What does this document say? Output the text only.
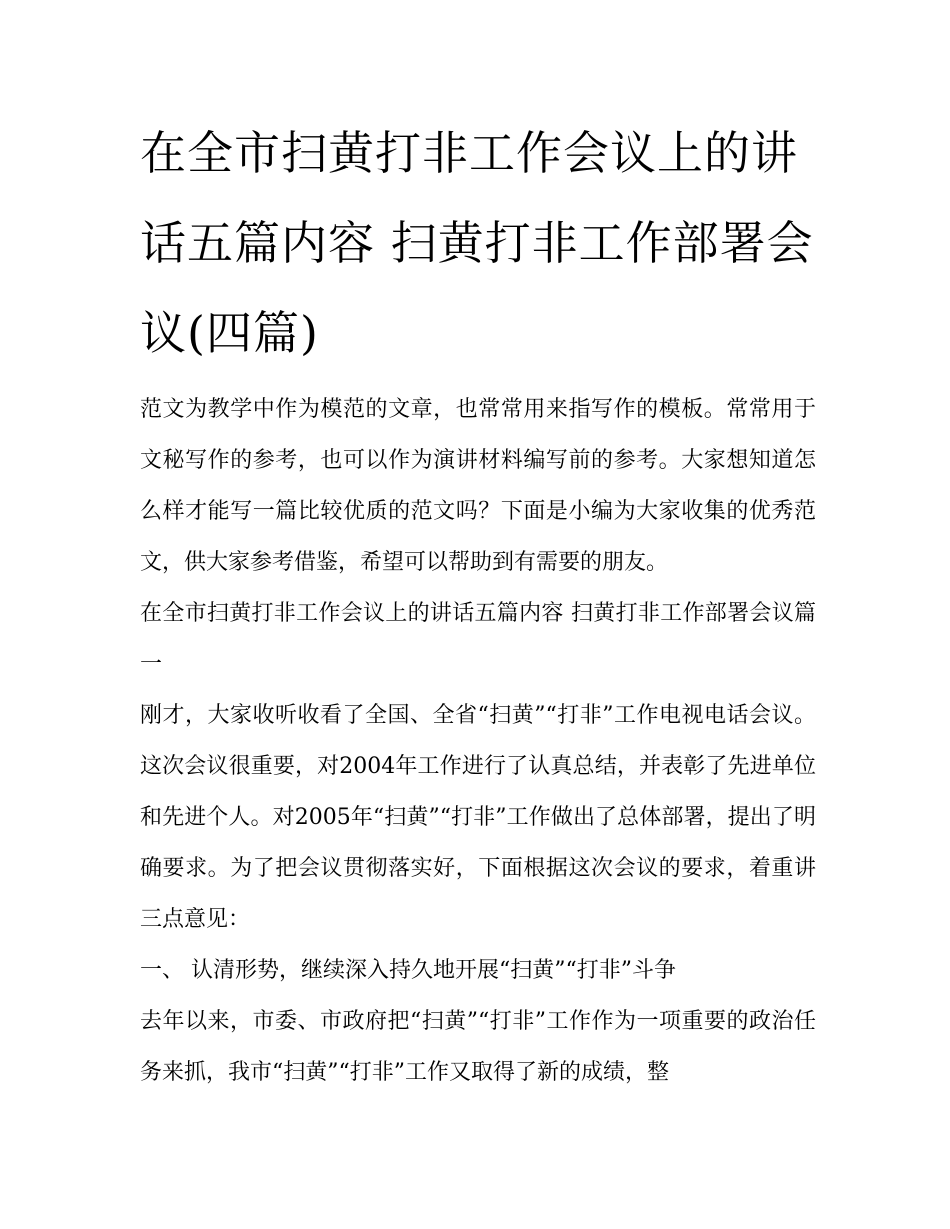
在全市扫黄打非工作会议上的讲话五篇内容 扫黄打非工作部署会议(四篇)

范文为教学中作为模范的文章，也常常用来指写作的模板。常常用于文秘写作的参考，也可以作为演讲材料编写前的参考。大家想知道怎么样才能写一篇比较优质的范文吗？下面是小编为大家收集的优秀范文，供大家参考借鉴，希望可以帮助到有需要的朋友。

在全市扫黄打非工作会议上的讲话五篇内容 扫黄打非工作部署会议篇一

刚才，大家收听收看了全国、全省“扫黄”“打非”工作电视电话会议。这次会议很重要，对2004年工作进行了认真总结，并表彰了先进单位和先进个人。对2005年“扫黄”“打非”工作做出了总体部署，提出了明确要求。为了把会议贯彻落实好，下面根据这次会议的要求，着重讲三点意见：

一、 认清形势，继续深入持久地开展“扫黄”“打非”斗争

去年以来，市委、市政府把“扫黄”“打非”工作作为一项重要的政治任务来抓，我市“扫黄”“打非”工作又取得了新的成绩，整
